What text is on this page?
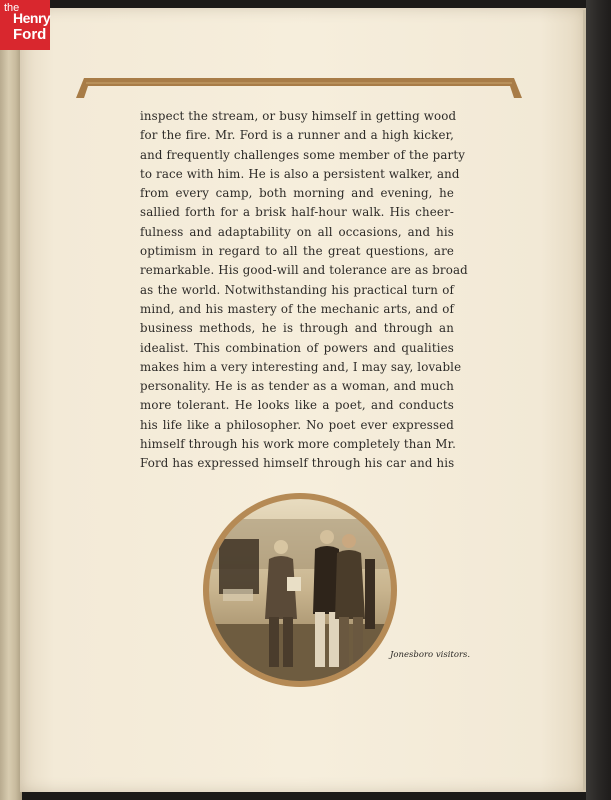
the
Henry
Ford
inspect the stream, or busy himself in getting wood
for the fire. Mr. Ford is a runner and a high kicker,
and frequently challenges some member of the party
to race with him. He is also a persistent walker, and
from every camp, both morning and evening, he
sallied forth for a brisk half-hour walk. His cheer-
fulness and adaptability on all occasions, and his
optimism in regard to all the great questions, are
remarkable. His good-will and tolerance are as broad
as the world. Notwithstanding his practical turn of
mind, and his mastery of the mechanic arts, and of
business methods, he is through and through an
idealist. This combination of powers and qualities
makes him a very interesting and, I may say, lovable
personality. He is as tender as a woman, and much
more tolerant. He looks like a poet, and conducts
his life like a philosopher. No poet ever expressed
himself through his work more completely than Mr.
Ford has expressed himself through his car and his
Jonesboro visitors.
